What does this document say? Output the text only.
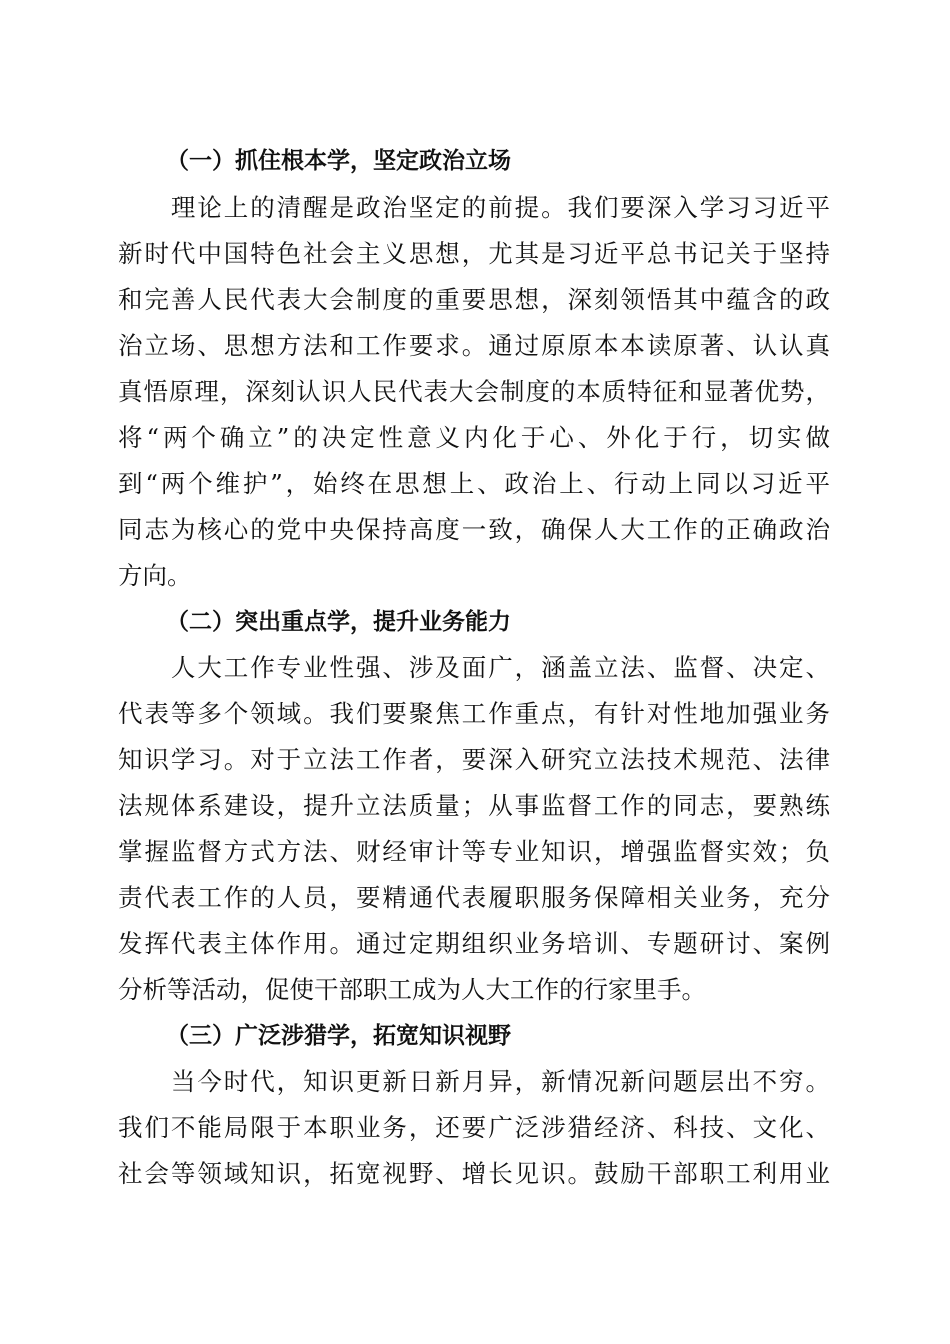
（一）抓住根本学，坚定政治立场
　　理论上的清醒是政治坚定的前提。我们要深入学习习近平
新时代中国特色社会主义思想，尤其是习近平总书记关于坚持
和完善人民代表大会制度的重要思想，深刻领悟其中蕴含的政
治立场、思想方法和工作要求。通过原原本本读原著、认认真
真悟原理，深刻认识人民代表大会制度的本质特征和显著优势，
将“两个确立”的决定性意义内化于心、外化于行，切实做
到“两个维护”，始终在思想上、政治上、行动上同以习近平
同志为核心的党中央保持高度一致，确保人大工作的正确政治
方向。
（二）突出重点学，提升业务能力
　　人大工作专业性强、涉及面广，涵盖立法、监督、决定、
代表等多个领域。我们要聚焦工作重点，有针对性地加强业务
知识学习。对于立法工作者，要深入研究立法技术规范、法律
法规体系建设，提升立法质量；从事监督工作的同志，要熟练
掌握监督方式方法、财经审计等专业知识，增强监督实效；负
责代表工作的人员，要精通代表履职服务保障相关业务，充分
发挥代表主体作用。通过定期组织业务培训、专题研讨、案例
分析等活动，促使干部职工成为人大工作的行家里手。
（三）广泛涉猎学，拓宽知识视野
　　当今时代，知识更新日新月异，新情况新问题层出不穷。
我们不能局限于本职业务，还要广泛涉猎经济、科技、文化、
社会等领域知识，拓宽视野、增长见识。鼓励干部职工利用业
